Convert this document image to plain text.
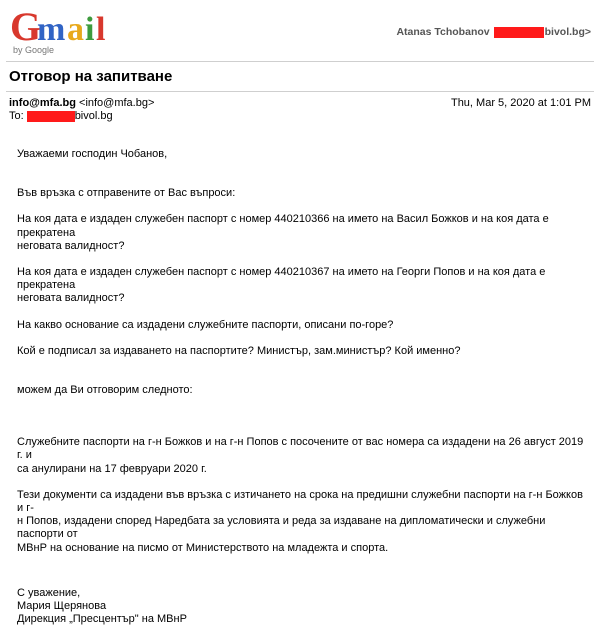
G
m a i l
by Google
Atanas Tchobanov	bivol.bg>
Отговор на запитване
info@mfa.bg <info@mfa.bg>	Thu, Mar 5, 2020 at 1:01 PM
To:	bivol.bg

Уважаеми господин Чобанов,

Във връзка с отправените от Вас въпроси:

На коя дата е издаден служебен паспорт с номер 440210366 на името на Васил Божков и на коя дата е прекратена

неговата валидност?

На коя дата е издаден служебен паспорт с номер 440210367 на името на Георги Попов и на коя дата е прекратена

неговата валидност?

На какво основание са издадени служебните паспорти, описани по-горе?

Кой е подписал за издаването на паспортите? Министър, зам.министър? Кой именно?

можем да Ви отговорим следното:

Служебните паспорти на г-н Божков и на г-н Попов с посочените от вас номера са издадени на 26 август 2019 г. и

са анулирани на 17 февруари 2020 г.

Тези документи са издадени във връзка с изтичането на срока на предишни служебни паспорти на г-н Божков и г-

н Попов, издадени според Наредбата за условията и реда за издаване на дипломатически и служебни паспорти от

МВнР на основание на писмо от Министерството на младежта и спорта.

С уважение,

Мария Щерянова

Дирекция „Пресцентър" на МВнР
